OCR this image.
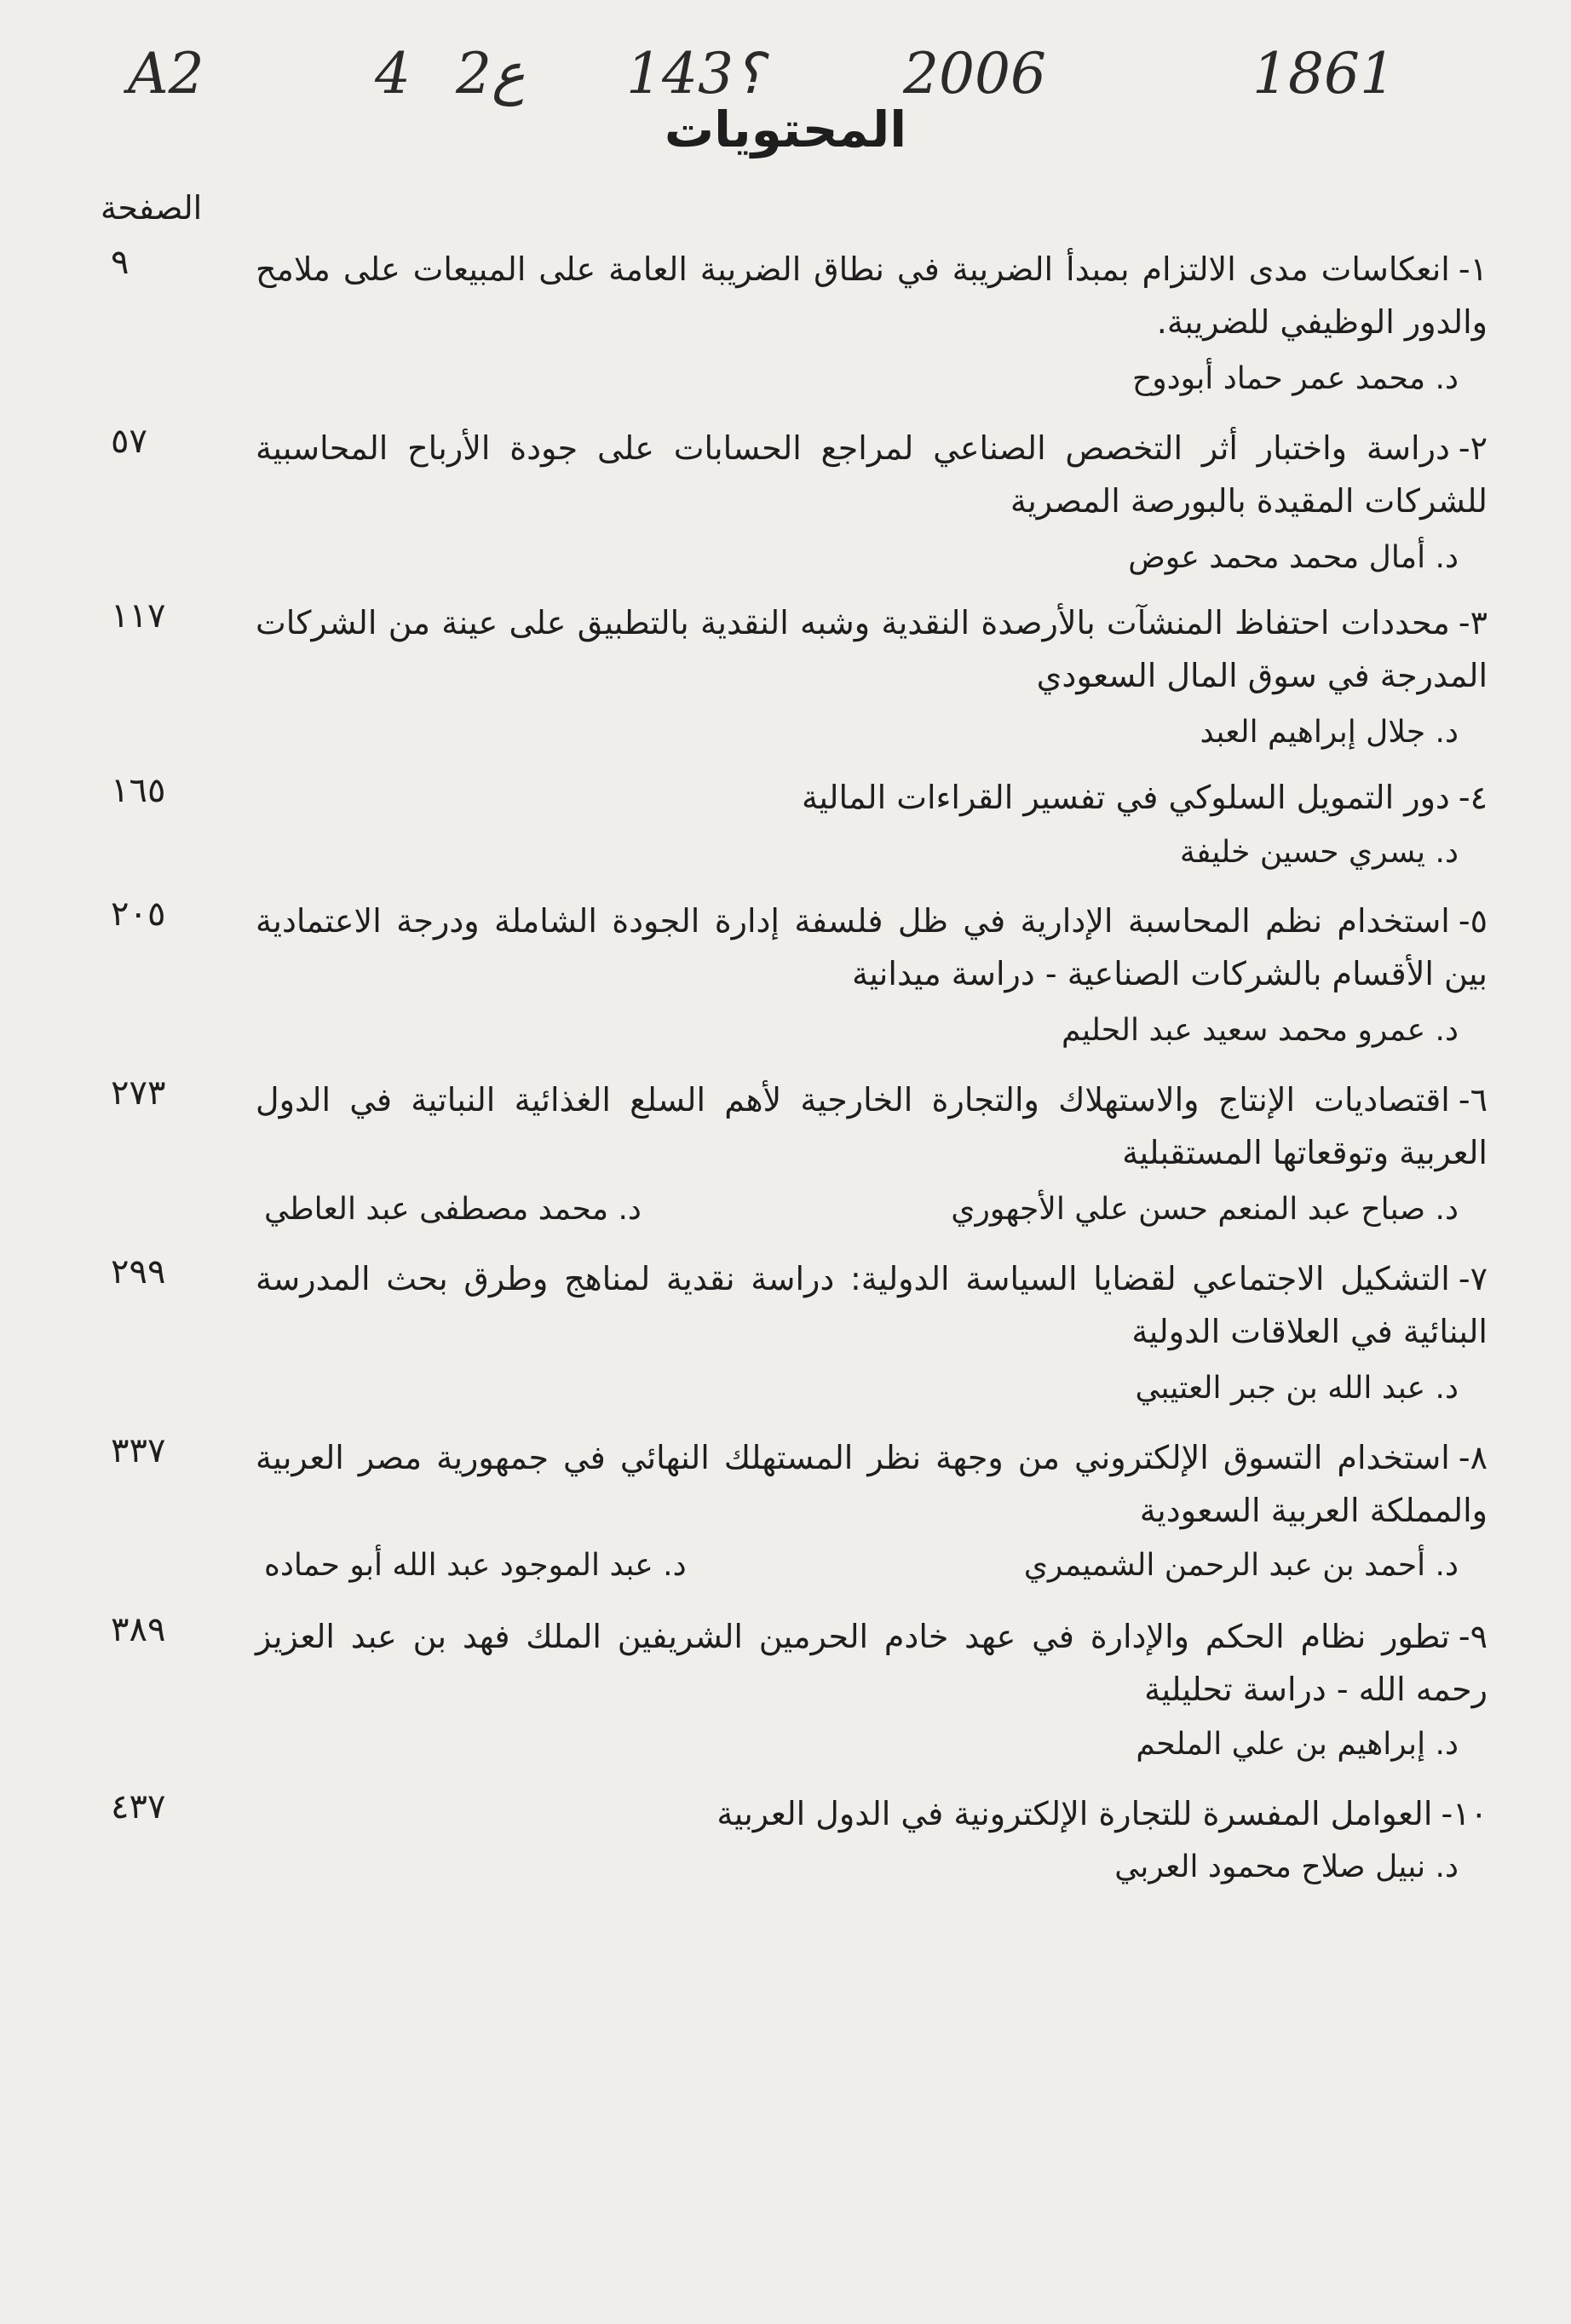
A2	4 2ع 143؟ 2006	1861
المحتويات
الصفحة
٩	١-انعكاسات مدى الالتزام بمبدأ الضريبة في نطاق الضريبة العامة على المبيعات على ملامح والدور الوظيفي للضريبة.
د. محمد عمر حماد أبودوح
٥٧	٢-دراسة واختبار أثر التخصص الصناعي لمراجع الحسابات على جودة الأرباح المحاسبية للشركات المقيدة بالبورصة المصرية
د. أمال محمد محمد عوض
١١٧	٣-محددات احتفاظ المنشآت بالأرصدة النقدية وشبه النقدية بالتطبيق على عينة من الشركات المدرجة في سوق المال السعودي
د. جلال إبراهيم العبد
١٦٥	٤-دور التمويل السلوكي في تفسير القراءات المالية
د. يسري حسين خليفة
٢٠٥	٥-استخدام نظم المحاسبة الإدارية في ظل فلسفة إدارة الجودة الشاملة ودرجة الاعتمادية بين الأقسام بالشركات الصناعية - دراسة ميدانية
د. عمرو محمد سعيد عبد الحليم
٢٧٣	٦-اقتصاديات الإنتاج والاستهلاك والتجارة الخارجية لأهم السلع الغذائية النباتية في الدول العربية وتوقعاتها المستقبلية
د. صباح عبد المنعم حسن علي الأجهوري
د. محمد مصطفى عبد العاطي
٢٩٩	٧-التشكيل الاجتماعي لقضايا السياسة الدولية: دراسة نقدية لمناهج وطرق بحث المدرسة البنائية في العلاقات الدولية
د. عبد الله بن جبر العتيبي
٣٣٧	٨-استخدام التسوق الإلكتروني من وجهة نظر المستهلك النهائي في جمهورية مصر العربية والمملكة العربية السعودية
د. أحمد بن عبد الرحمن الشميمري
د. عبد الموجود عبد الله أبو حماده
٣٨٩	٩-تطور نظام الحكم والإدارة في عهد خادم الحرمين الشريفين الملك فهد بن عبد العزيز رحمه الله - دراسة تحليلية
د. إبراهيم بن علي الملحم
٤٣٧	١٠-العوامل المفسرة للتجارة الإلكترونية في الدول العربية
د. نبيل صلاح محمود العربي
